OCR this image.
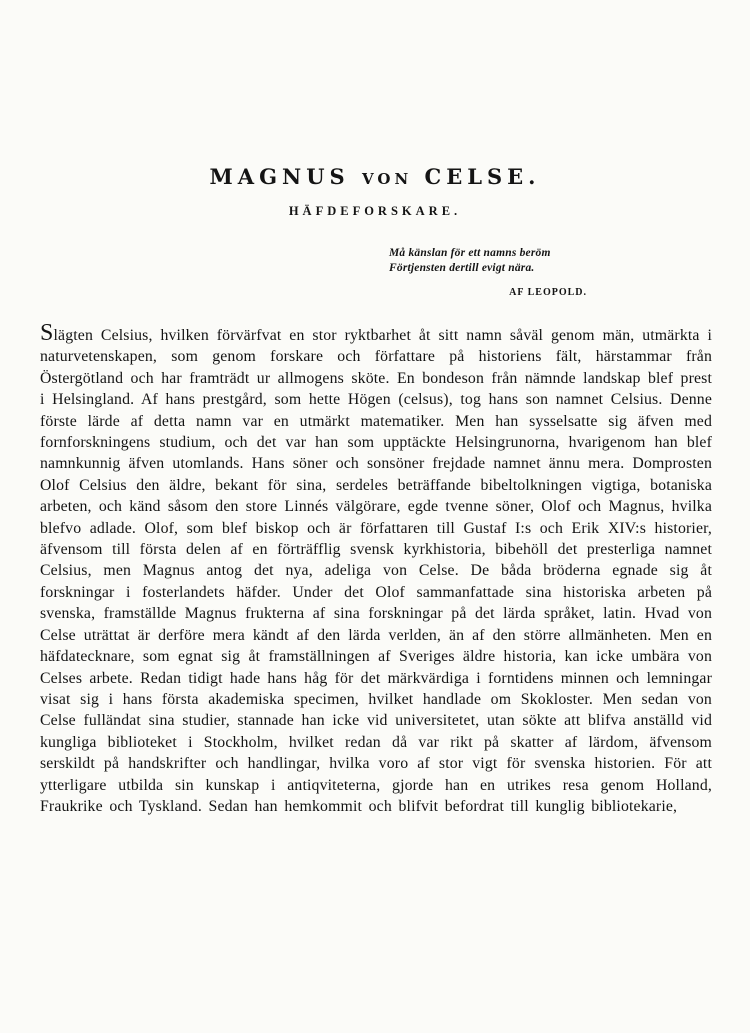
MAGNUS VON CELSE.
HÄFDEFORSKARE.
Må känslan för ett namns beröm
Förtjensten dertill evigt nära.
AF LEOPOLD.

Slägten Celsius, hvilken förvärfvat en stor ryktbarhet åt sitt namn såväl genom män, utmärkta i naturvetenskapen, som genom forskare och författare på historiens fält, härstammar från Östergötland och har framträdt ur allmogens sköte. En bondeson från nämnde landskap blef prest i Helsingland. Af hans prestgård, som hette Högen (celsus), tog hans son namnet Celsius. Denne förste lärde af detta namn var en utmärkt matematiker. Men han sysselsatte sig äfven med fornforskningens studium, och det var han som upptäckte Helsingrunorna, hvarigenom han blef namnkunnig äfven utomlands. Hans söner och sonsöner frejdade namnet ännu mera. Domprosten Olof Celsius den äldre, bekant för sina, serdeles beträffande bibeltolkningen vigtiga, botaniska arbeten, och känd såsom den store Linnés välgörare, egde tvenne söner, Olof och Magnus, hvilka blefvo adlade. Olof, som blef biskop och är författaren till Gustaf I:s och Erik XIV:s historier, äfvensom till första delen af en förträfflig svensk kyrkhistoria, bibehöll det presterliga namnet Celsius, men Magnus antog det nya, adeliga von Celse. De båda bröderna egnade sig åt forskningar i fosterlandets häfder. Under det Olof sammanfattade sina historiska arbeten på svenska, framställde Magnus frukterna af sina forskningar på det lärda språket, latin. Hvad von Celse uträttat är derföre mera kändt af den lärda verlden, än af den större allmänheten. Men en häfdatecknare, som egnat sig åt framställningen af Sveriges äldre historia, kan icke umbära von Celses arbete. Redan tidigt hade hans håg för det märkvärdiga i forntidens minnen och lemningar visat sig i hans första akademiska specimen, hvilket handlade om Skokloster. Men sedan von Celse fulländat sina studier, stannade han icke vid universitetet, utan sökte att blifva anställd vid kungliga biblioteket i Stockholm, hvilket redan då var rikt på skatter af lärdom, äfvensom serskildt på handskrifter och handlingar, hvilka voro af stor vigt för svenska historien. För att ytterligare utbilda sin kunskap i antiqviteterna, gjorde han en utrikes resa genom Holland, Fraukrike och Tyskland. Sedan han hemkommit och blifvit befordrat till kunglig bibliotekarie,
